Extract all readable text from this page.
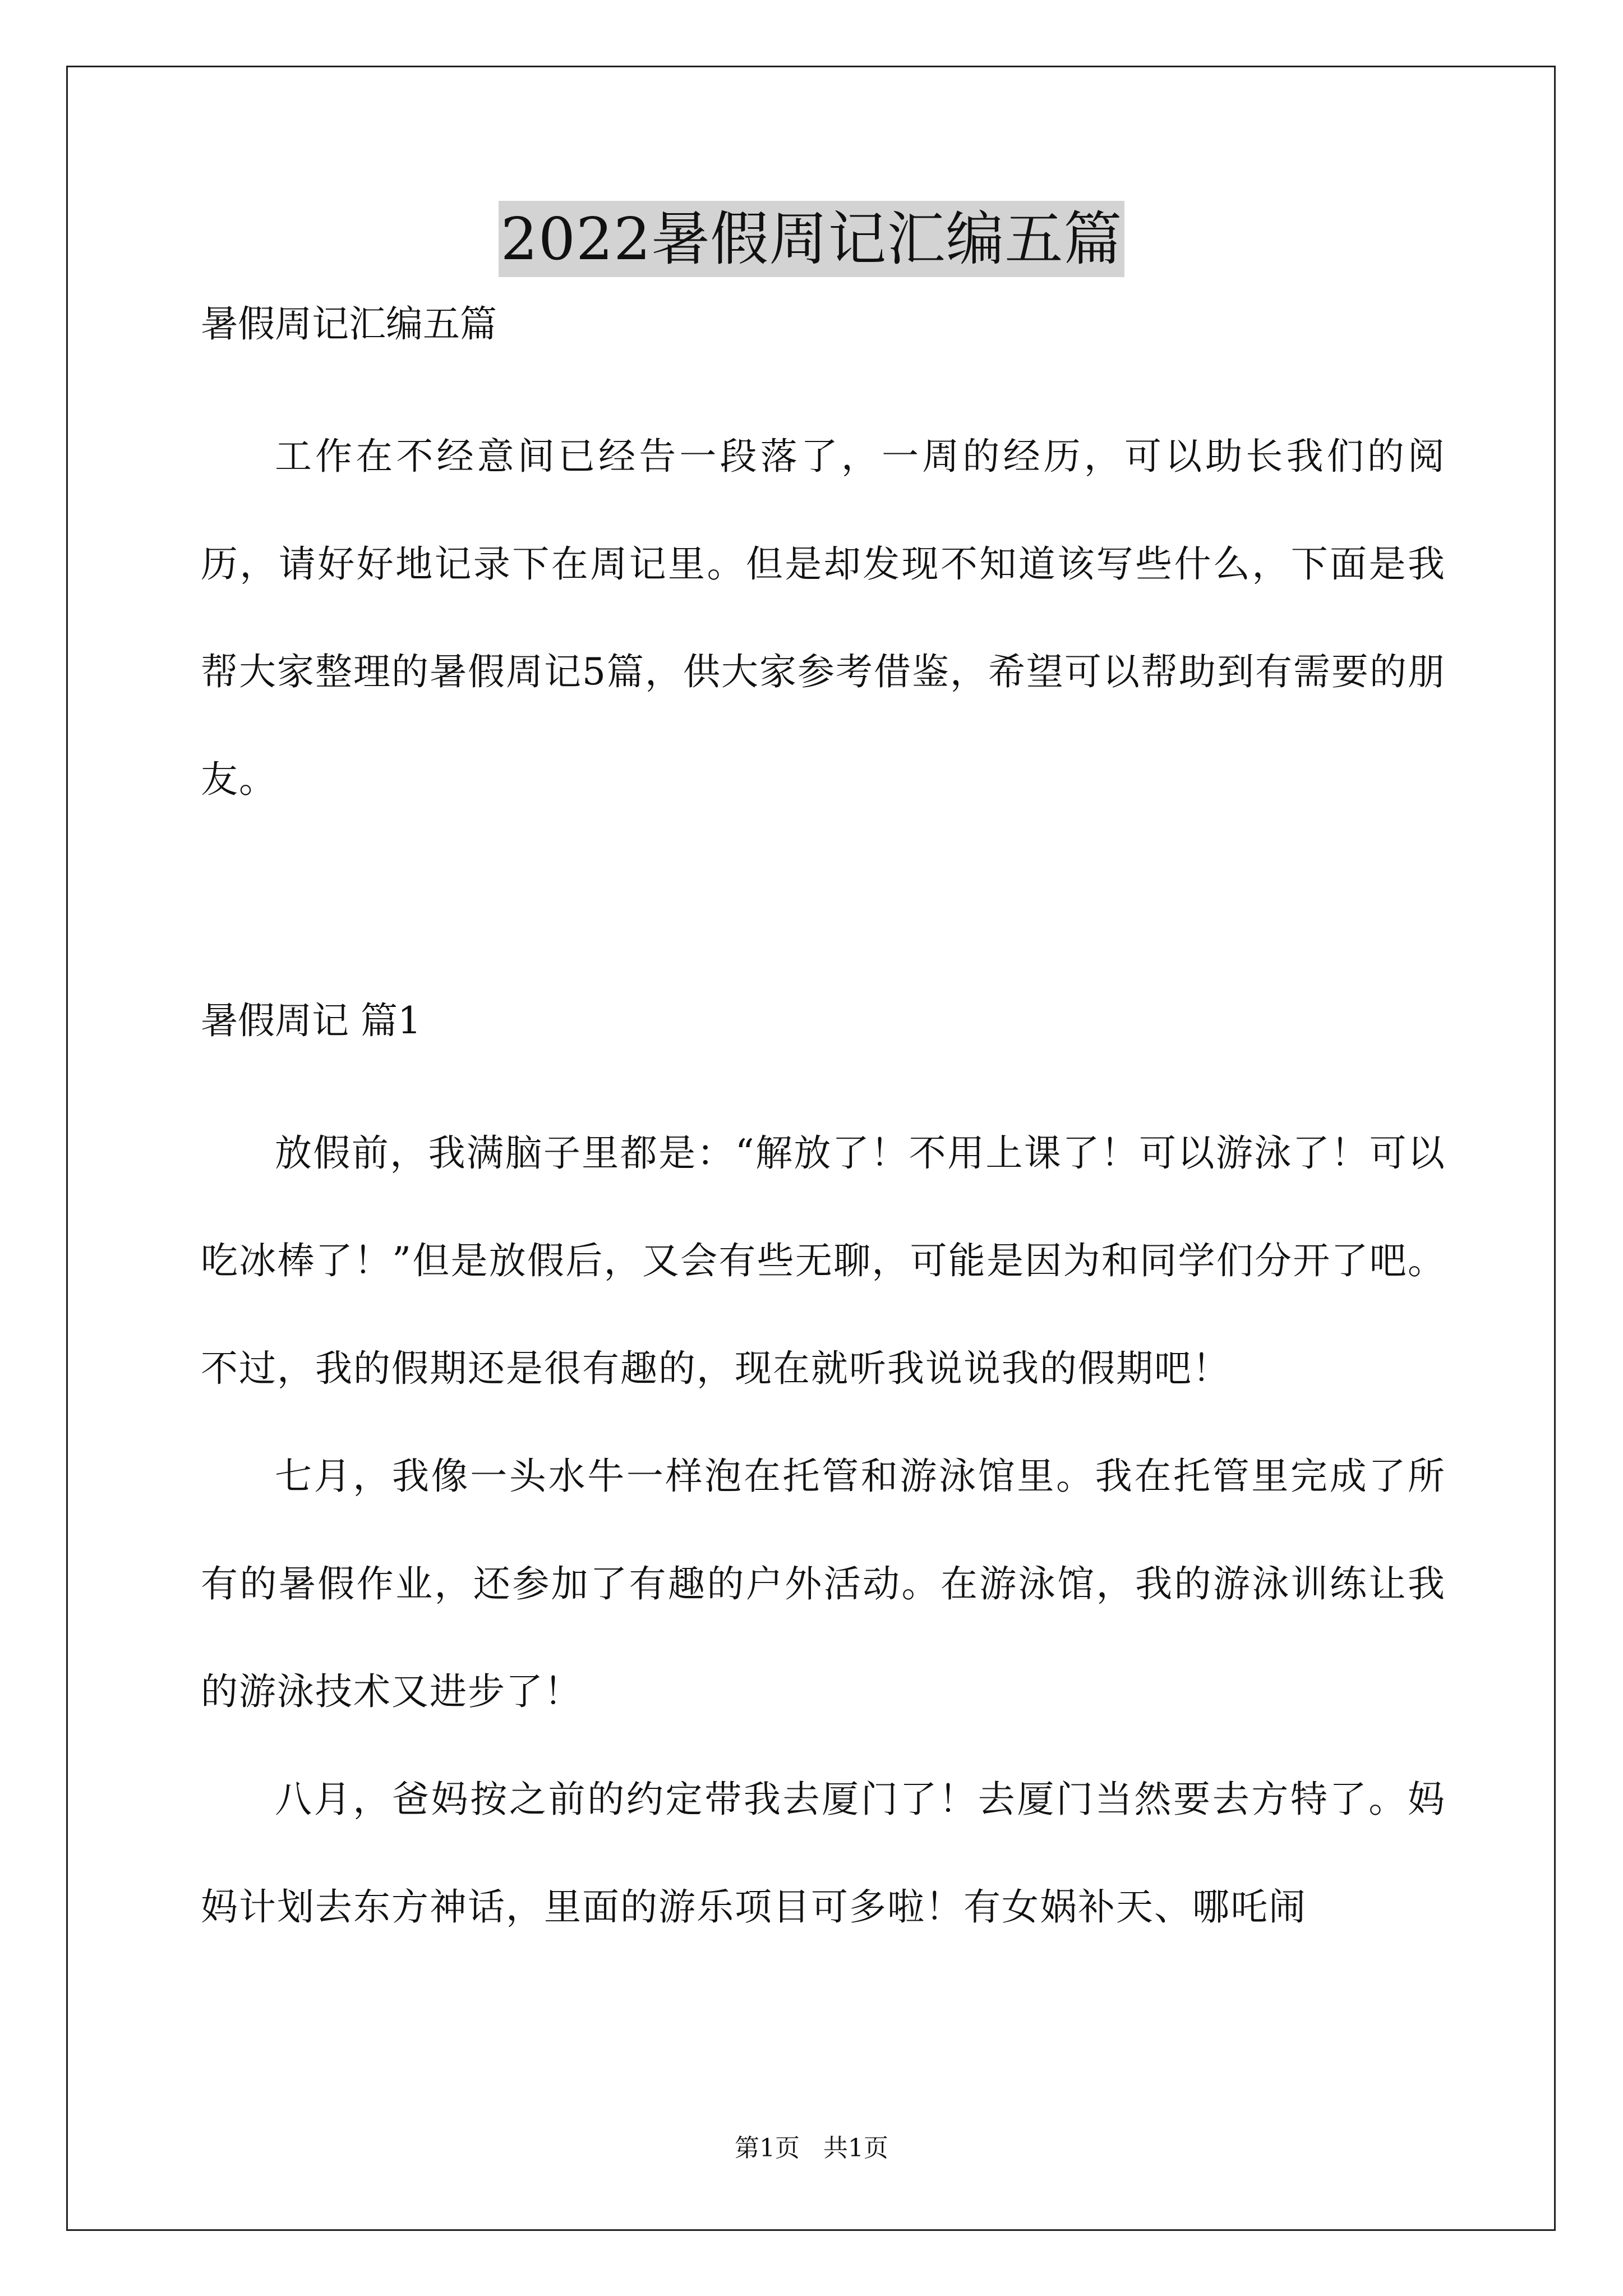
2022暑假周记汇编五篇
暑假周记汇编五篇

工作在不经意间已经告一段落了，一周的经历，可以助长我们的阅历，请好好地记录下在周记里。但是却发现不知道该写些什么，下面是我帮大家整理的暑假周记5篇，供大家参考借鉴，希望可以帮助到有需要的朋友。

暑假周记 篇1

放假前，我满脑子里都是：“解放了！不用上课了！可以游泳了！可以吃冰棒了！”但是放假后，又会有些无聊，可能是因为和同学们分开了吧。不过，我的假期还是很有趣的，现在就听我说说我的假期吧！

七月，我像一头水牛一样泡在托管和游泳馆里。我在托管里完成了所有的暑假作业，还参加了有趣的户外活动。在游泳馆，我的游泳训练让我的游泳技术又进步了！

八月，爸妈按之前的约定带我去厦门了！去厦门当然要去方特了。妈妈计划去东方神话，里面的游乐项目可多啦！有女娲补天、哪吒闹

第1页 共1页
